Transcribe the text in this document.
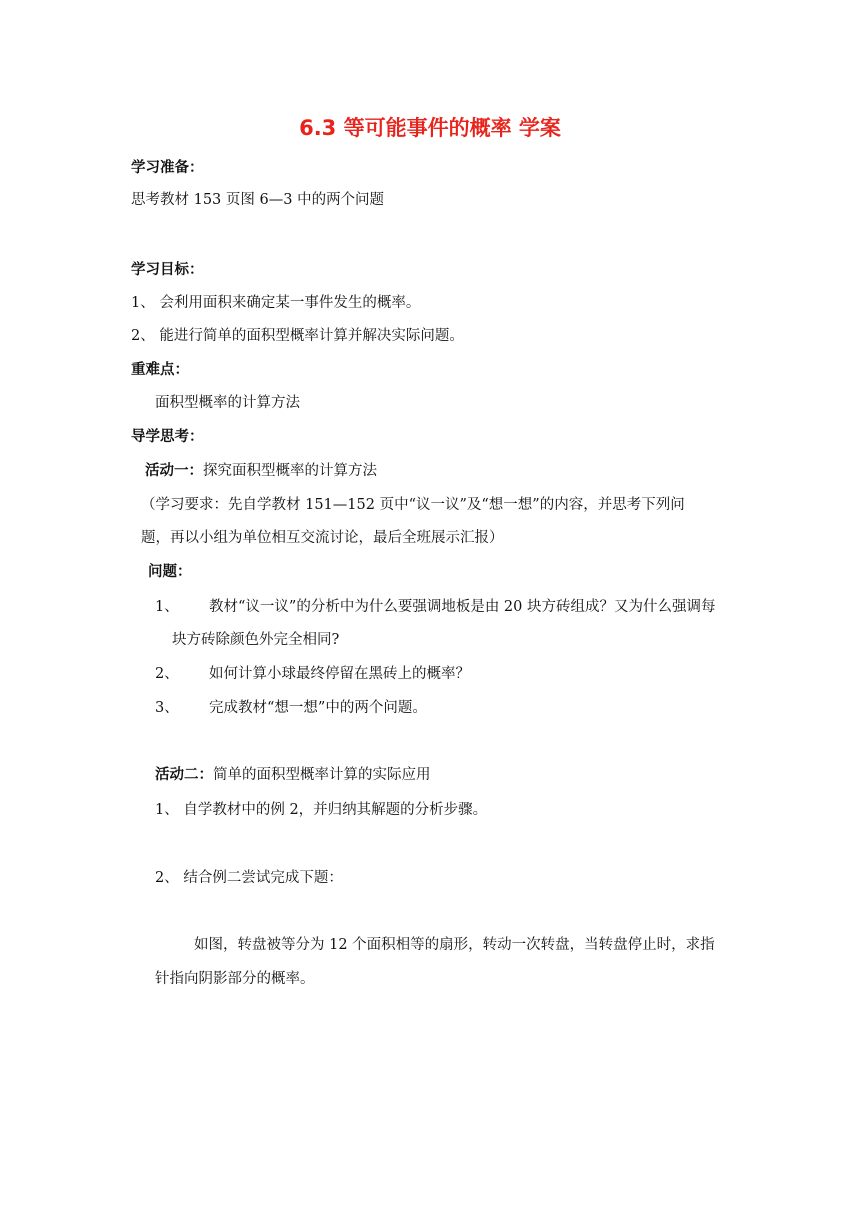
6.3 等可能事件的概率 学案
学习准备：
思考教材 153 页图 6—3 中的两个问题
学习目标：
1、 会利用面积来确定某一事件发生的概率。
2、 能进行简单的面积型概率计算并解决实际问题。
重难点：
面积型概率的计算方法
导学思考：
活动一：探究面积型概率的计算方法
（学习要求：先自学教材 151—152 页中“议一议”及“想一想”的内容，并思考下列问
题，再以小组为单位相互交流讨论，最后全班展示汇报）
问题：
1、 教材“议一议”的分析中为什么要强调地板是由 20 块方砖组成？又为什么强调每
块方砖除颜色外完全相同?
2、 如何计算小球最终停留在黑砖上的概率？
3、 完成教材“想一想”中的两个问题。
活动二：简单的面积型概率计算的实际应用
1、 自学教材中的例 2，并归纳其解题的分析步骤。
2、 结合例二尝试完成下题：
如图，转盘被等分为 12 个面积相等的扇形，转动一次转盘，当转盘停止时，求指
针指向阴影部分的概率。
